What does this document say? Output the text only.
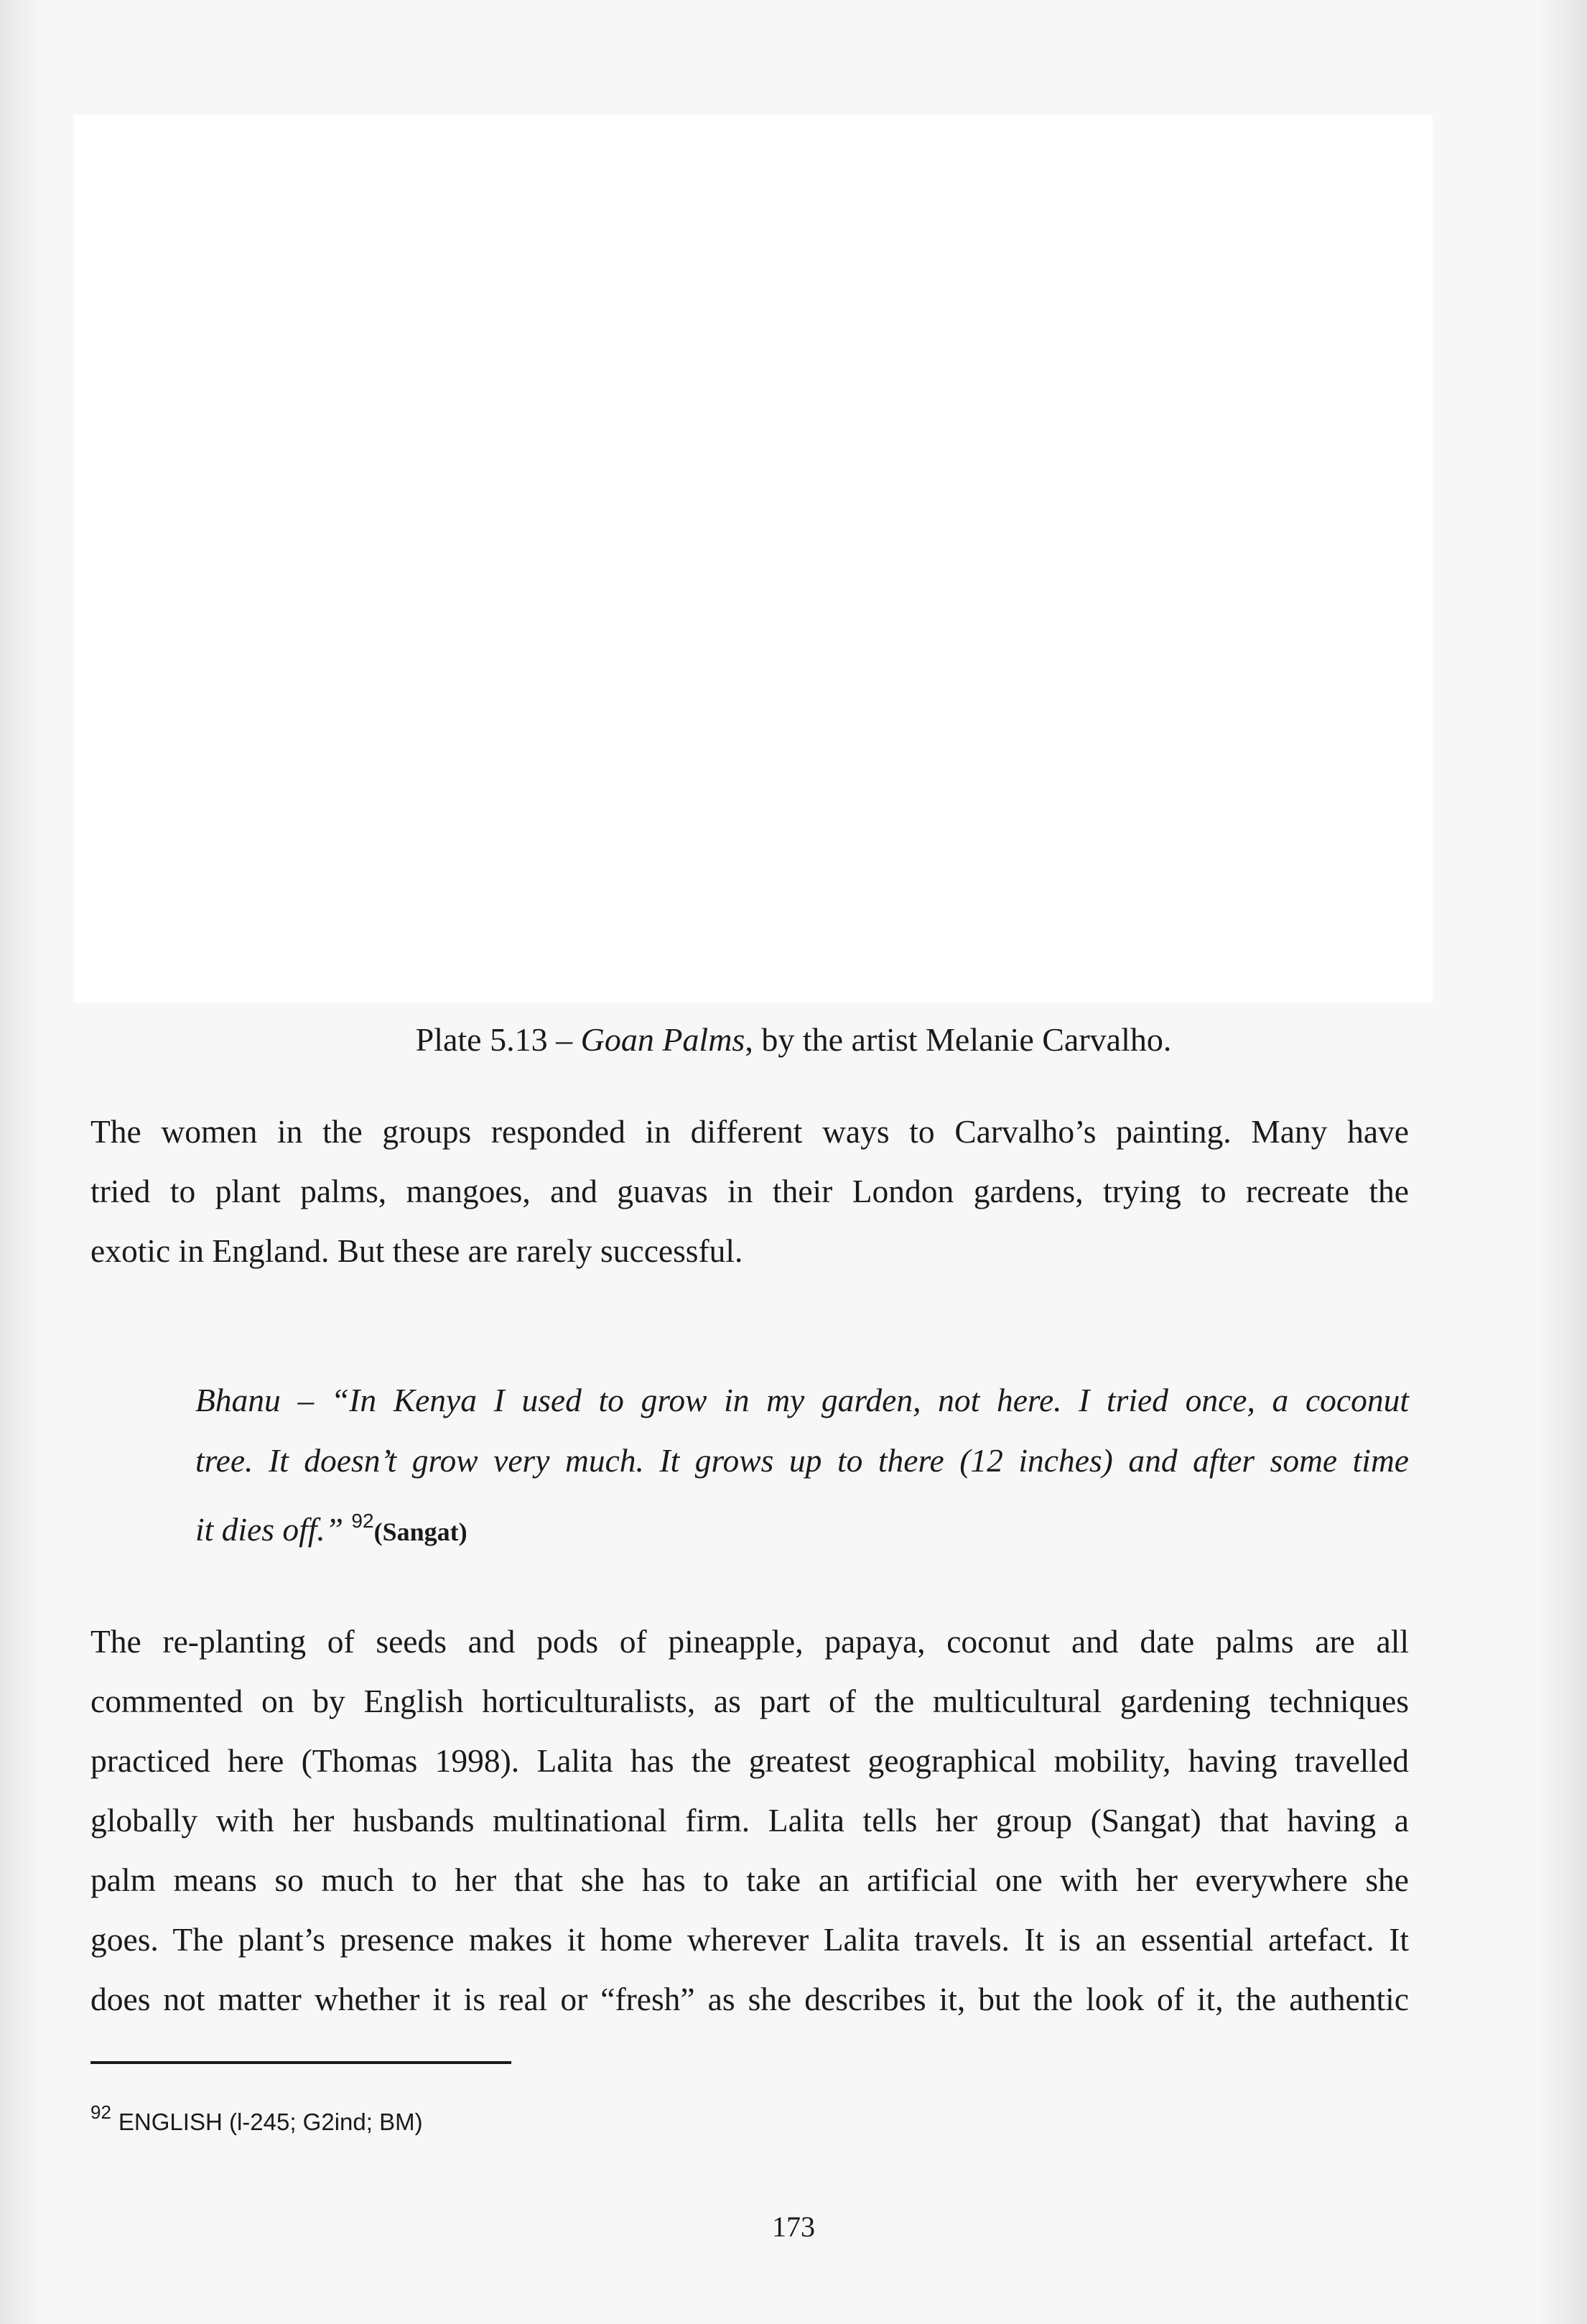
Plate 5.13 – Goan Palms, by the artist Melanie Carvalho.

The women in the groups responded in different ways to Carvalho’s painting. Many have
tried to plant palms, mangoes, and guavas in their London gardens, trying to recreate the
exotic in England. But these are rarely successful.

Bhanu – “In Kenya I used to grow in my garden, not here. I tried once, a coconut
tree. It doesn’t grow very much. It grows up to there (12 inches) and after some time
it dies off.” $^{92}$(Sangat)

The re-planting of seeds and pods of pineapple, papaya, coconut and date palms are all
commented on by English horticulturalists, as part of the multicultural gardening techniques
practiced here (Thomas 1998). Lalita has the greatest geographical mobility, having travelled
globally with her husbands multinational firm. Lalita tells her group (Sangat) that having a
palm means so much to her that she has to take an artificial one with her everywhere she
goes. The plant’s presence makes it home wherever Lalita travels. It is an essential artefact. It
does not matter whether it is real or “fresh” as she describes it, but the look of it, the authentic

$^{92}$ ENGLISH (l-245; G2ind; BM)
173
